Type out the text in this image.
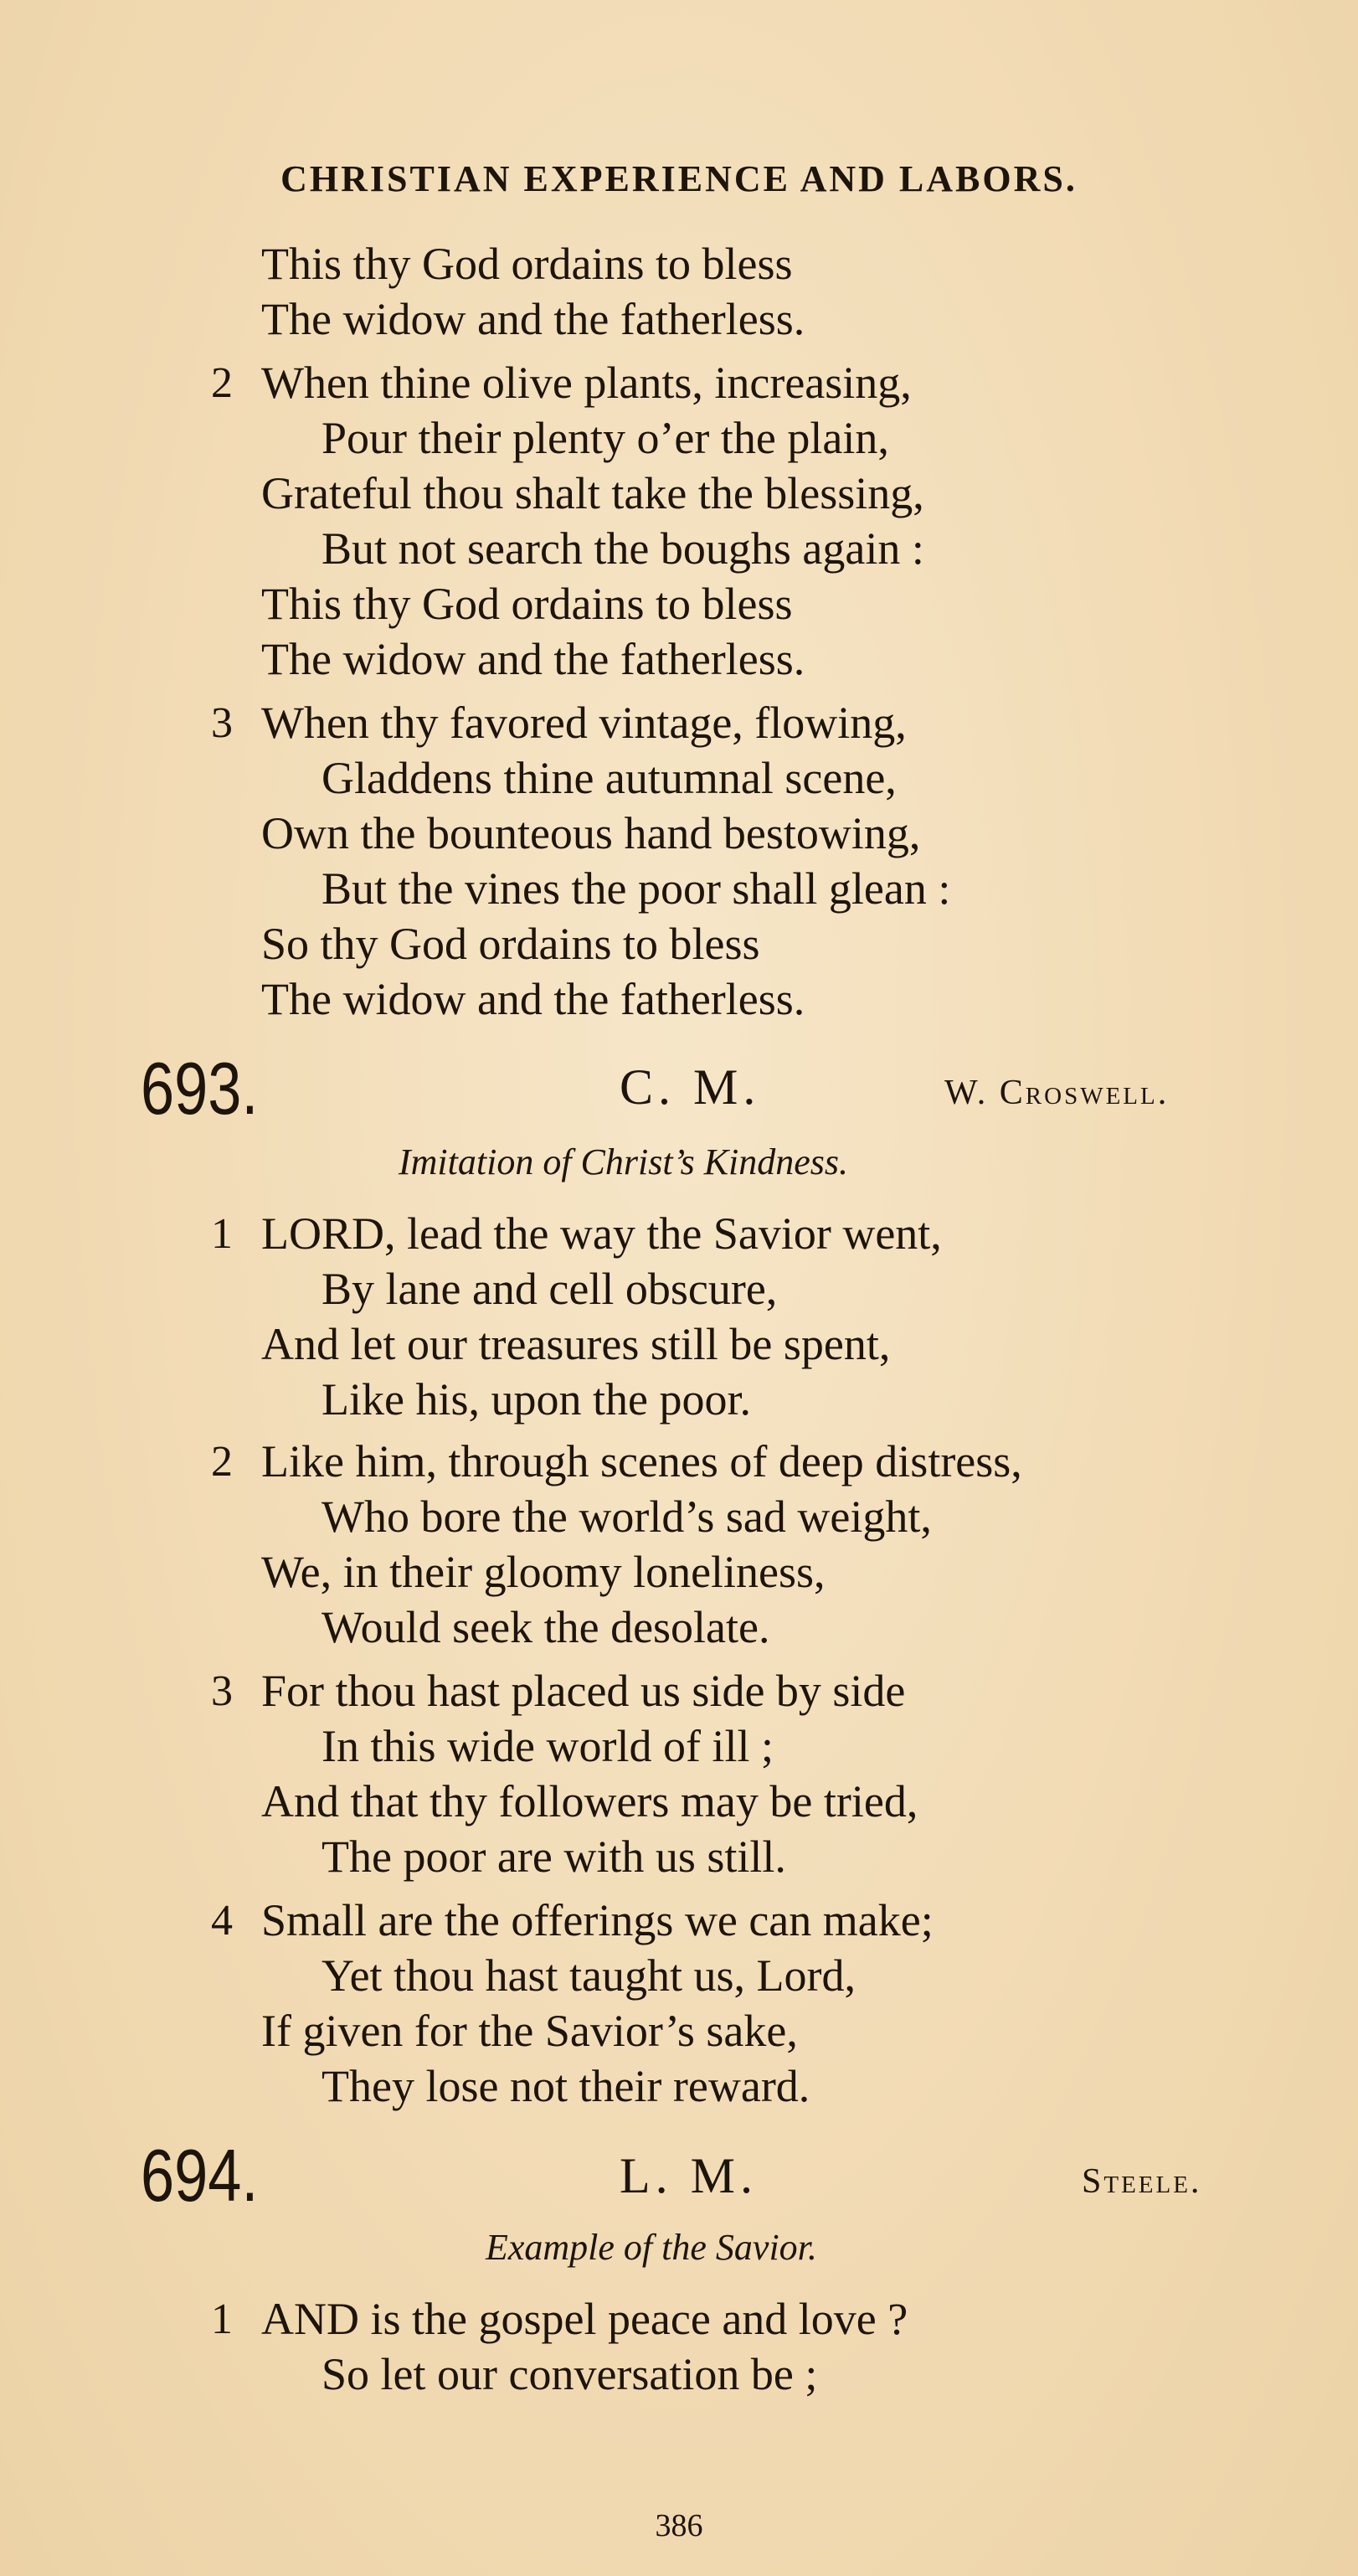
CHRISTIAN EXPERIENCE AND LABORS.
This thy God ordains to bless
The widow and the fatherless.
2 When thine olive plants, increasing,
Pour their plenty o’er the plain,
Grateful thou shalt take the blessing,
But not search the boughs again :
This thy God ordains to bless
The widow and the fatherless.
3 When thy favored vintage, flowing,
Gladdens thine autumnal scene,
Own the bounteous hand bestowing,
But the vines the poor shall glean :
So thy God ordains to bless
The widow and the fatherless.
693.	C. M.	W. Croswell.
Imitation of Christ’s Kindness.
1 LORD, lead the way the Savior went,
By lane and cell obscure,
And let our treasures still be spent,
Like his, upon the poor.
2 Like him, through scenes of deep distress,
Who bore the world’s sad weight,
We, in their gloomy loneliness,
Would seek the desolate.
3 For thou hast placed us side by side
In this wide world of ill ;
And that thy followers may be tried,
The poor are with us still.
4 Small are the offerings we can make;
Yet thou hast taught us, Lord,
If given for the Savior’s sake,
They lose not their reward.
694.	L. M.	Steele.
Example of the Savior.
1 AND is the gospel peace and love ?
So let our conversation be ;
386
